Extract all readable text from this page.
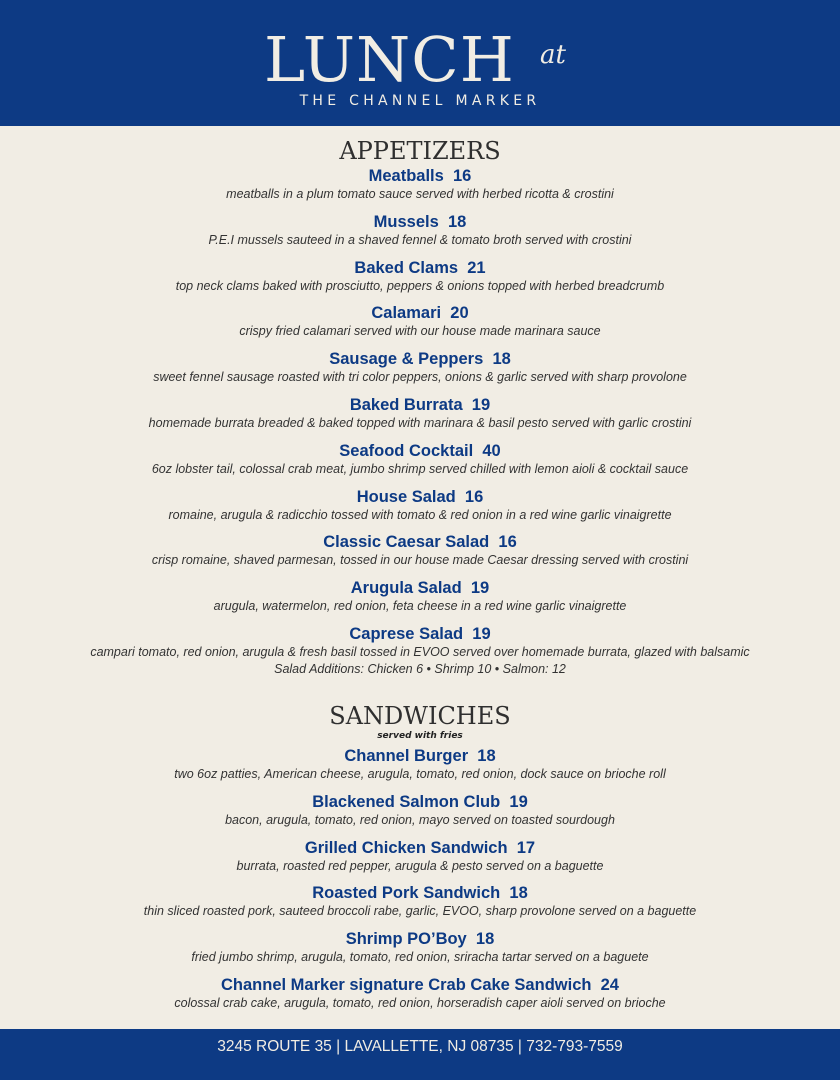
LUNCH at
THE CHANNEL MARKER
APPETIZERS
Meatballs 16
meatballs in a plum tomato sauce served with herbed ricotta & crostini
Mussels 18
P.E.I mussels sauteed in a shaved fennel & tomato broth served with crostini
Baked Clams 21
top neck clams baked with prosciutto, peppers & onions topped with herbed breadcrumb
Calamari 20
crispy fried calamari served with our house made marinara sauce
Sausage & Peppers 18
sweet fennel sausage roasted with tri color peppers, onions & garlic served with sharp provolone
Baked Burrata 19
homemade burrata breaded & baked topped with marinara & basil pesto served with garlic crostini
Seafood Cocktail 40
6oz lobster tail, colossal crab meat, jumbo shrimp served chilled with lemon aioli & cocktail sauce
House Salad 16
romaine, arugula & radicchio tossed with tomato & red onion in a red wine garlic vinaigrette
Classic Caesar Salad 16
crisp romaine, shaved parmesan, tossed in our house made Caesar dressing served with crostini
Arugula Salad 19
arugula, watermelon, red onion, feta cheese in a red wine garlic vinaigrette
Caprese Salad 19
campari tomato, red onion, arugula & fresh basil tossed in EVOO served over homemade burrata, glazed with balsamic
Salad Additions: Chicken 6 • Shrimp 10 • Salmon: 12
SANDWICHES
served with fries
Channel Burger 18
two 6oz patties, American cheese, arugula, tomato, red onion, dock sauce on brioche roll
Blackened Salmon Club 19
bacon, arugula, tomato, red onion, mayo served on toasted sourdough
Grilled Chicken Sandwich 17
burrata, roasted red pepper, arugula & pesto served on a baguette
Roasted Pork Sandwich 18
thin sliced roasted pork, sauteed broccoli rabe, garlic, EVOO, sharp provolone served on a baguette
Shrimp PO’Boy 18
fried jumbo shrimp, arugula, tomato, red onion, sriracha tartar served on a baguete
Channel Marker signature Crab Cake Sandwich 24
colossal crab cake, arugula, tomato, red onion, horseradish caper aioli served on brioche
3245 ROUTE 35 | LAVALLETTE, NJ 08735 | 732-793-7559
